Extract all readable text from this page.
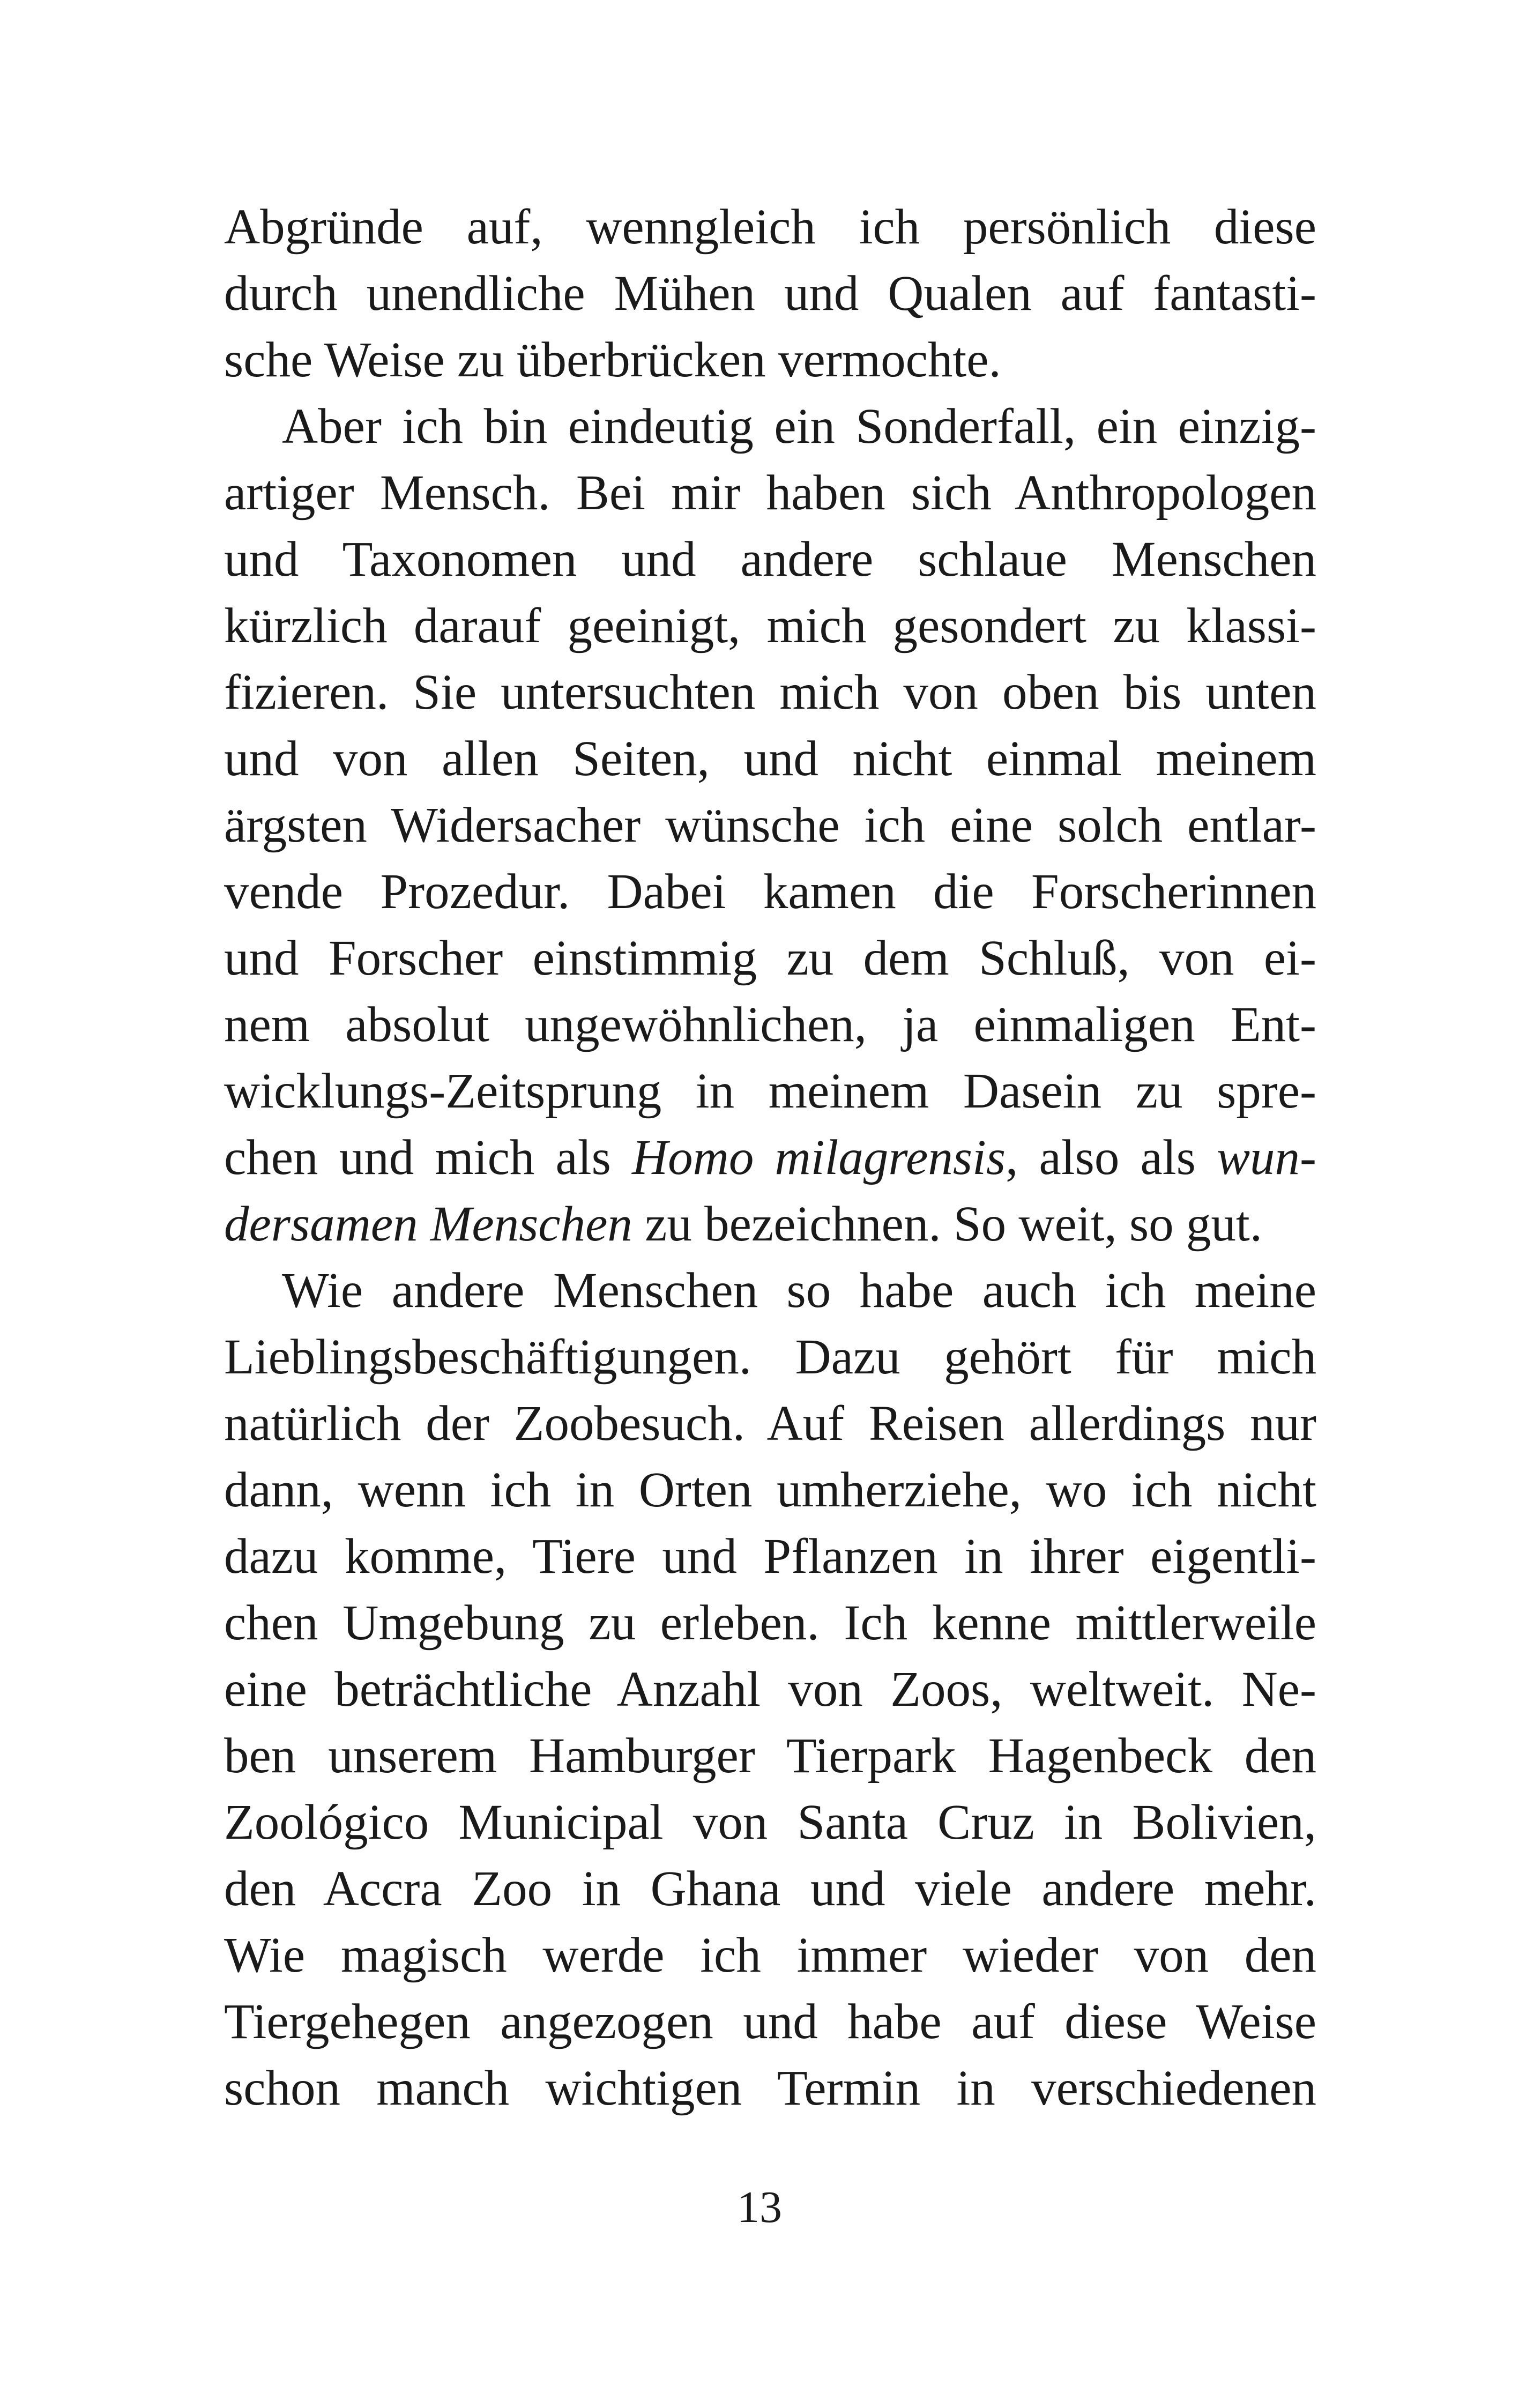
Abgründe auf, wenngleich ich persönlich diese
durch unendliche Mühen und Qualen auf fantasti-
sche Weise zu überbrücken vermochte.
Aber ich bin eindeutig ein Sonderfall, ein einzig-
artiger Mensch. Bei mir haben sich Anthropologen
und Taxonomen und andere schlaue Menschen
kürzlich darauf geeinigt, mich gesondert zu klassi-
fizieren. Sie untersuchten mich von oben bis unten
und von allen Seiten, und nicht einmal meinem
ärgsten Widersacher wünsche ich eine solch entlar-
vende Prozedur. Dabei kamen die Forscherinnen
und Forscher einstimmig zu dem Schluß, von ei-
nem absolut ungewöhnlichen, ja einmaligen Ent-
wicklungs-Zeitsprung in meinem Dasein zu spre-
chen und mich als Homo milagrensis, also als wun-
dersamen Menschen zu bezeichnen. So weit, so gut.
Wie andere Menschen so habe auch ich meine
Lieblingsbeschäftigungen. Dazu gehört für mich
natürlich der Zoobesuch. Auf Reisen allerdings nur
dann, wenn ich in Orten umherziehe, wo ich nicht
dazu komme, Tiere und Pflanzen in ihrer eigentli-
chen Umgebung zu erleben. Ich kenne mittlerweile
eine beträchtliche Anzahl von Zoos, weltweit. Ne-
ben unserem Hamburger Tierpark Hagenbeck den
Zoológico Municipal von Santa Cruz in Bolivien,
den Accra Zoo in Ghana und viele andere mehr.
Wie magisch werde ich immer wieder von den
Tiergehegen angezogen und habe auf diese Weise
schon manch wichtigen Termin in verschiedenen
13
